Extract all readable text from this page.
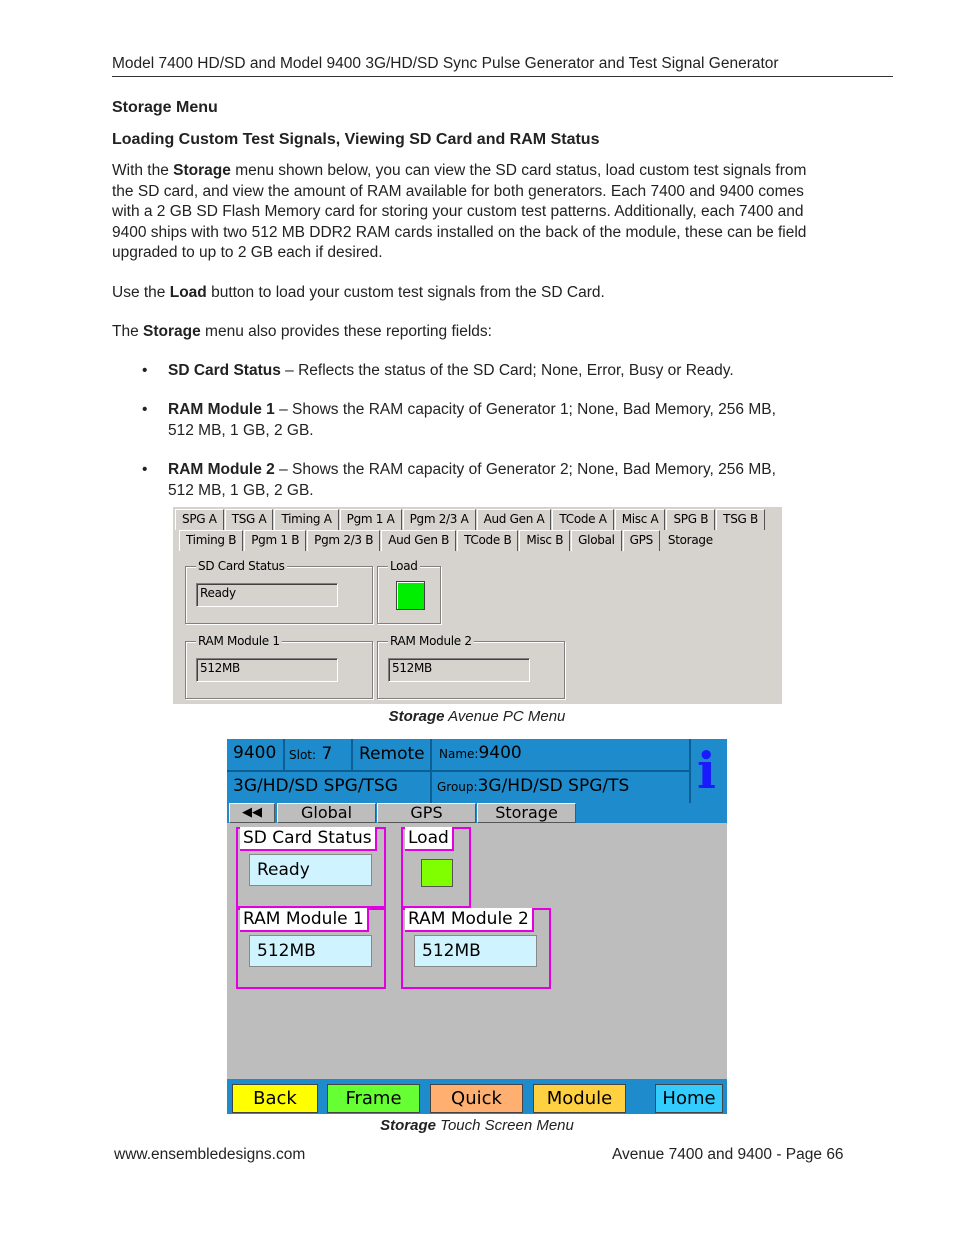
Model 7400 HD/SD and Model 9400 3G/HD/SD Sync Pulse Generator and Test Signal Generator
Storage Menu
Loading Custom Test Signals, Viewing SD Card and RAM Status
With the Storage menu shown below, you can view the SD card status, load custom test signals from
the SD card, and view the amount of RAM available for both generators. Each 7400 and 9400 comes
with a 2 GB SD Flash Memory card for storing your custom test patterns. Additionally, each 7400 and
9400 ships with two 512 MB DDR2 RAM cards installed on the back of the module, these can be field
upgraded to up to 2 GB each if desired.
Use the Load button to load your custom test signals from the SD Card.
The Storage menu also provides these reporting fields:
• SD Card Status – Reflects the status of the SD Card; None, Error, Busy or Ready.
• RAM Module 1 – Shows the RAM capacity of Generator 1; None, Bad Memory, 256 MB,
512 MB, 1 GB, 2 GB.
• RAM Module 2 – Shows the RAM capacity of Generator 2; None, Bad Memory, 256 MB,
512 MB, 1 GB, 2 GB.
SPG A	TSG A	Timing A	Pgm 1 A	Pgm 2/3 A	Aud Gen A	TCode A	Misc A	SPG B	TSG B
Timing B	Pgm 1 B	Pgm 2/3 B	Aud Gen B	TCode B	Misc B	Global	GPS	Storage
SD Card Status
Ready
Load
RAM Module 1
512MB
RAM Module 2
512MB
Storage Avenue PC Menu
9400 Slot: 7 Remote Name:9400
3G/HD/SD SPG/TSG	Group:3G/HD/SD SPG/TS i
◀◀	Global	GPS	Storage
SD Card Status
Ready
Load
RAM Module 1
512MB
RAM Module 2
512MB
Back	Frame	Quick	Module	Home
Storage Touch Screen Menu
www.ensembledesigns.com	Avenue 7400 and 9400 - Page 66
